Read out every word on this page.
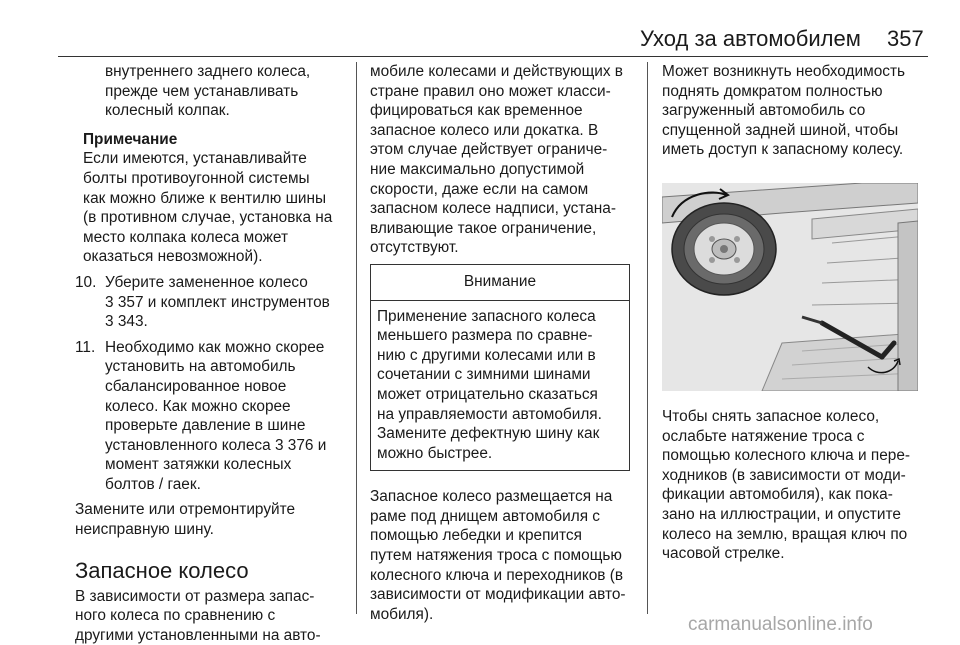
Уход за автомобилем 357
внутреннего заднего колеса,
прежде чем устанавливать
колесный колпак.
Примечание
Если имеются, устанавливайте
болты противоугонной системы
как можно ближе к вентилю шины
(в противном случае, установка на
место колпака колеса может
оказаться невозможной).
10. Уберите замененное колесо
3 357 и комплект инструментов
3 343.
11. Необходимо как можно скорее
установить на автомобиль
сбалансированное новое
колесо. Как можно скорее
проверьте давление в шине
установленного колеса 3 376 и
момент затяжки колесных
болтов / гаек.
Замените или отремонтируйте
неисправную шину.
Запасное колесо
В зависимости от размера запас-
ного колеса по сравнению с
другими установленными на авто-
мобиле колесами и действующих в
стране правил оно может класси-
фицироваться как временное
запасное колесо или докатка. В
этом случае действует ограниче-
ние максимально допустимой
скорости, даже если на самом
запасном колесе надписи, устана-
вливающие такое ограничение,
отсутствуют.
Внимание
Применение запасного колеса
меньшего размера по сравне-
нию с другими колесами или в
сочетании с зимними шинами
может отрицательно сказаться
на управляемости автомобиля.
Замените дефектную шину как
можно быстрее.
Запасное колесо размещается на
раме под днищем автомобиля с
помощью лебедки и крепится
путем натяжения троса с помощью
колесного ключа и переходников (в
зависимости от модификации авто-
мобиля).
Может возникнуть необходимость
поднять домкратом полностью
загруженный автомобиль со
спущенной задней шиной, чтобы
иметь доступ к запасному колесу.
Чтобы снять запасное колесо,
ослабьте натяжение троса с
помощью колесного ключа и пере-
ходников (в зависимости от моди-
фикации автомобиля), как пока-
зано на иллюстрации, и опустите
колесо на землю, вращая ключ по
часовой стрелке.
carmanualsonline.info
